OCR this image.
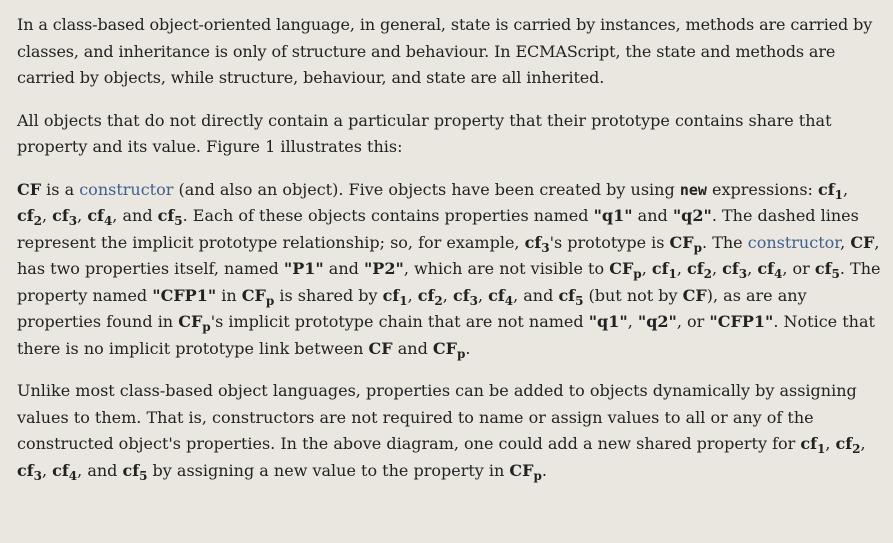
In a class-based object-oriented language, in general, state is carried by instances, methods are carried by classes, and inheritance is only of structure and behaviour. In ECMAScript, the state and methods are carried by objects, while structure, behaviour, and state are all inherited.

All objects that do not directly contain a particular property that their prototype contains share that property and its value. Figure 1 illustrates this:

CF is a constructor (and also an object). Five objects have been created by using new expressions: $cf_1$, $cf_2$, $cf_3$, $cf_4$, and $cf_5$. Each of these objects contains properties named "q1" and "q2". The dashed lines represent the implicit prototype relationship; so, for example, $cf_3's$ prototype is $CF_p$. The constructor, CF, has two properties itself, named "P1" and "P2", which are not visible to $CF_p$, $cf_1$, $cf_2$, $cf_3$, $cf_4$, or $cf_5$. The property named "CFP1" in $CF_p$ is shared by $cf_1$, $cf_2$, $cf_3$, $cf_4$, and $cf_5$ (but not by CF), as are any properties found in $CF_p's$ implicit prototype chain that are not named "q1", "q2", or "CFP1". Notice that there is no implicit prototype link between CF and $CF_p$.

Unlike most class-based object languages, properties can be added to objects dynamically by assigning values to them. That is, constructors are not required to name or assign values to all or any of the constructed object's properties. In the above diagram, one could add a new shared property for $cf_1$, $cf_2$, $cf_3$, $cf_4$, and $cf_5$ by assigning a new value to the property in $CF_p$.
